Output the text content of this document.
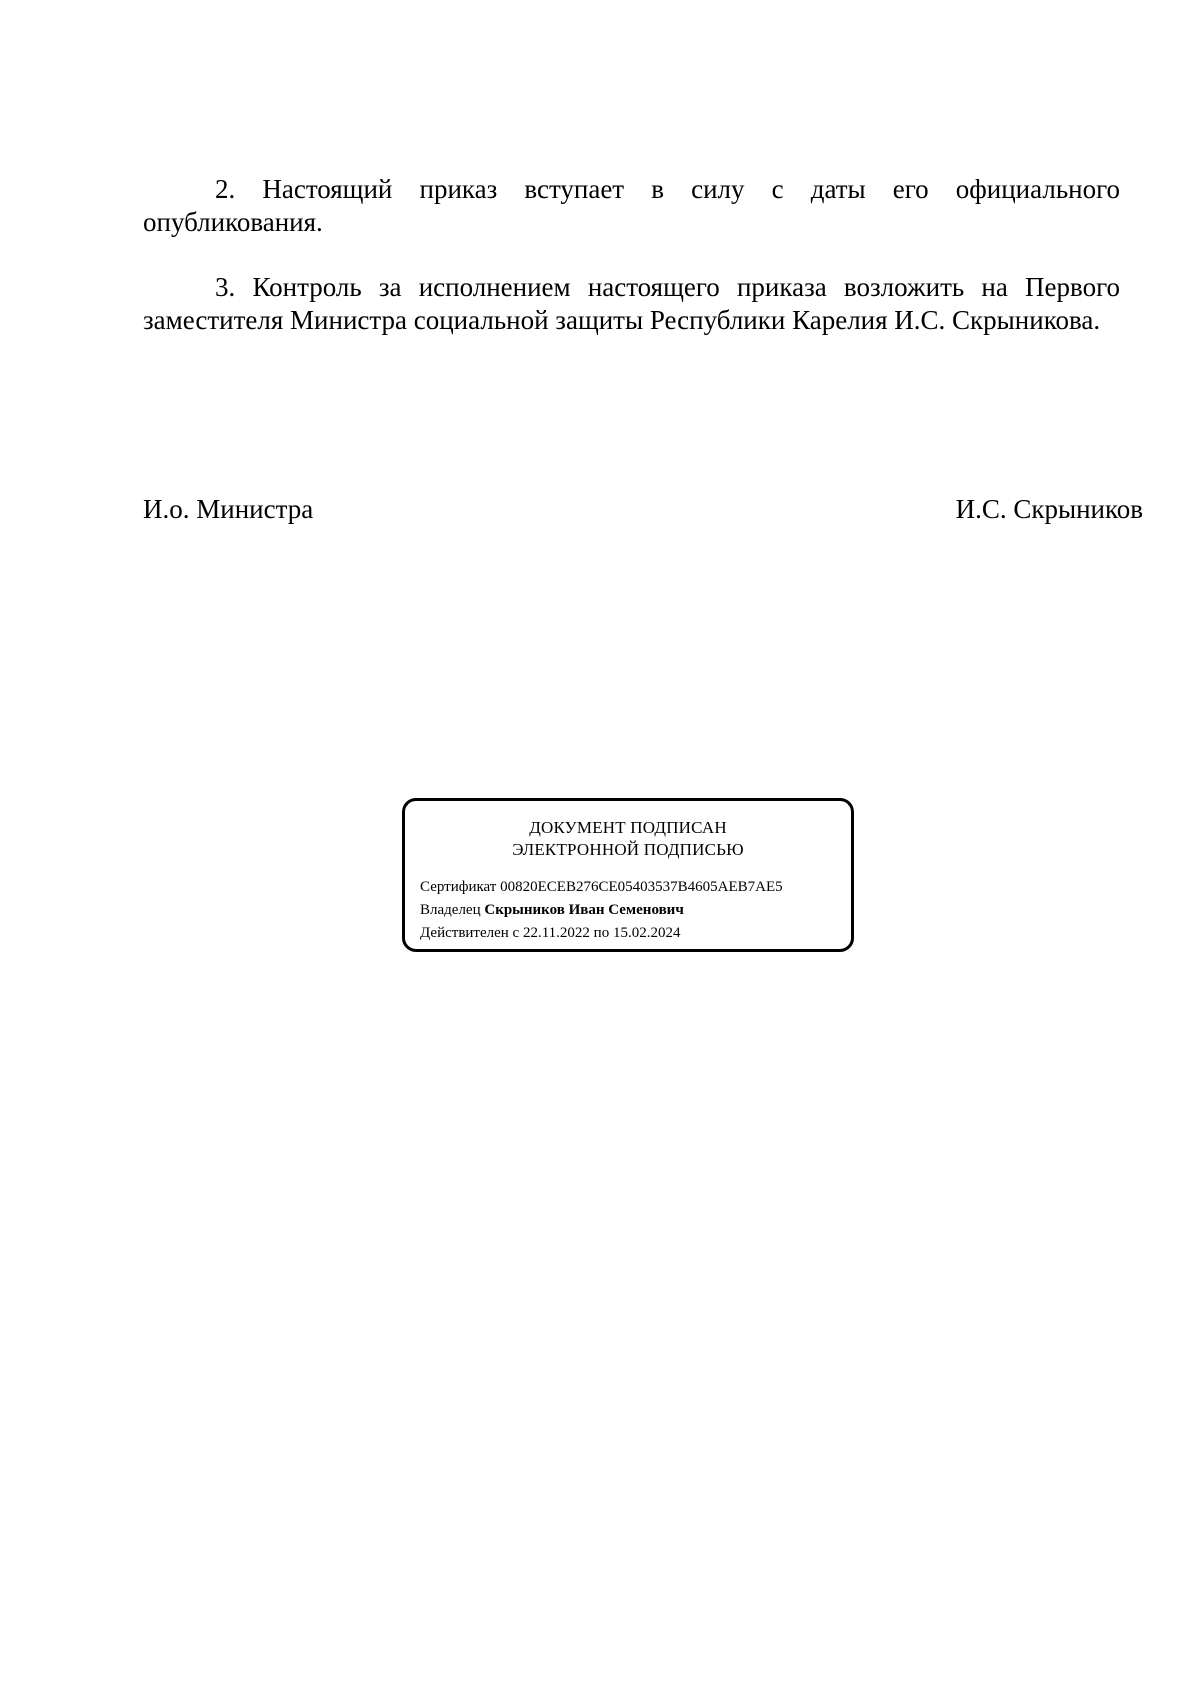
2. Настоящий приказ вступает в силу с даты его официального опубликования.

3. Контроль за исполнением настоящего приказа возложить на Первого заместителя Министра социальной защиты Республики Карелия И.С. Скрыникова.

И.о. Министра	И.С. Скрыников

ДОКУМЕНТ ПОДПИСАН
ЭЛЕКТРОННОЙ ПОДПИСЬЮ
Сертификат 00820ECEB276CE05403537B4605AEB7AE5
Владелец Скрыников Иван Семенович
Действителен с 22.11.2022 по 15.02.2024
